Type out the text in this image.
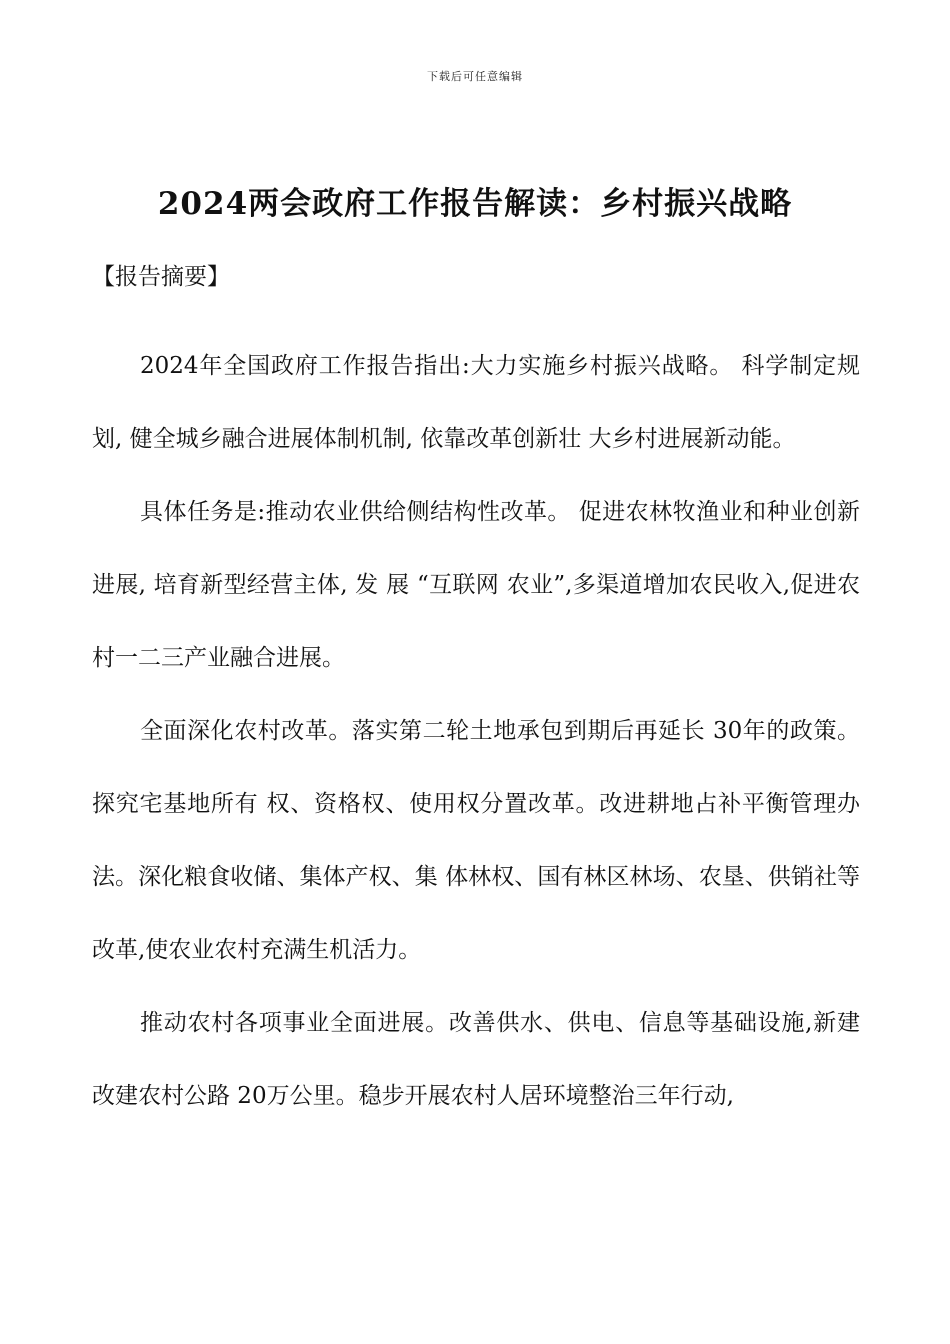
下载后可任意编辑
2024两会政府工作报告解读：乡村振兴战略

【报告摘要】

2024年全国政府工作报告指出:大力实施乡村振兴战略。 科学制定规划, 健全城乡融合进展体制机制, 依靠改革创新壮 大乡村进展新动能。

具体任务是:推动农业供给侧结构性改革。 促进农林牧渔业和种业创新进展, 培育新型经营主体, 发 展 “互联网 农业”,多渠道增加农民收入,促进农村一二三产业融合进展。

全面深化农村改革。落实第二轮土地承包到期后再延长 30年的政策。探究宅基地所有 权、资格权、使用权分置改革。改进耕地占补平衡管理办法。深化粮食收储、集体产权、集 体林权、国有林区林场、农垦、供销社等改革,使农业农村充满生机活力。

推动农村各项事业全面进展。改善供水、供电、信息等基础设施,新建改建农村公路 20万公里。稳步开展农村人居环境整治三年行动,
